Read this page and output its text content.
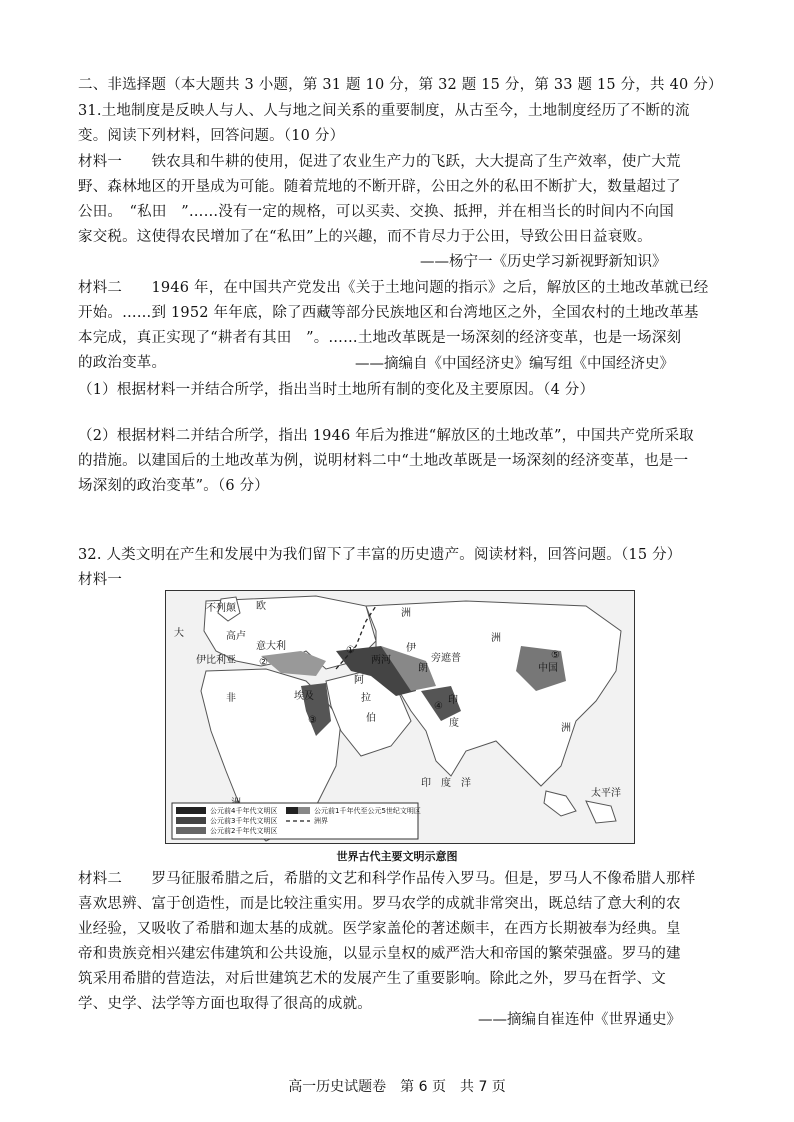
二、非选择题（本大题共 3 小题，第 31 题 10 分，第 32 题 15 分，第 33 题 15 分，共 40 分）
31.土地制度是反映人与人、人与地之间关系的重要制度，从古至今，土地制度经历了不断的流
变。阅读下列材料，回答问题。（10 分）
材料一　　铁农具和牛耕的使用，促进了农业生产力的飞跃，大大提高了生产效率，使广大荒
野、森林地区的开垦成为可能。随着荒地的不断开辟，公田之外的私田不断扩大，数量超过了
公田。　“私田　”……没有一定的规格，可以买卖、交换、抵押，并在相当长的时间内不向国
家交税。这使得农民增加了在“私田”上的兴趣，而不肯尽力于公田，导致公田日益衰败。
——杨宁一《历史学习新视野新知识》
材料二　　1946 年，在中国共产党发出《关于土地问题的指示》之后，解放区的土地改革就已经
开始。……到 1952 年年底，除了西藏等部分民族地区和台湾地区之外，全国农村的土地改革基
本完成，真正实现了“耕者有其田　”。……土地改革既是一场深刻的经济变革，也是一场深刻
的政治变革。	——摘编自《中国经济史》编写组《中国经济史》
（1）根据材料一并结合所学，指出当时土地所有制的变化及主要原因。（4 分）
（2）根据材料二并结合所学，指出 1946 年后为推进“解放区的土地改革”，中国共产党所采取
的措施。以建国后的土地改革为例，说明材料二中“土地改革既是一场深刻的经济变革，也是一
场深刻的政治变革”。（6 分）
32. 人类文明在产生和发展中为我们留下了丰富的历史遗产。阅读材料，回答问题。（15 分）
材料一
不列颠 欧
高卢
意大利
伊比利亚
洲
伊
朗
旁遮普
印
度
阿
拉
伯
非	埃及
两河
中国
印　度　洋
太平洋
大	洲
洲
①
②
③
④
⑤
公元前4千年代文明区
公元前3千年代文明区
公元前2千年代文明区
公元前1千年代至公元5世纪文明区
洲界
世界古代主要文明示意图
材料二　　罗马征服希腊之后，希腊的文艺和科学作品传入罗马。但是，罗马人不像希腊人那样
喜欢思辨、富于创造性，而是比较注重实用。罗马农学的成就非常突出，既总结了意大利的农
业经验，又吸收了希腊和迦太基的成就。医学家盖伦的著述颇丰，在西方长期被奉为经典。皇
帝和贵族竞相兴建宏伟建筑和公共设施，以显示皇权的威严浩大和帝国的繁荣强盛。罗马的建
筑采用希腊的营造法，对后世建筑艺术的发展产生了重要影响。除此之外，罗马在哲学、文
学、史学、法学等方面也取得了很高的成就。
——摘编自崔连仲《世界通史》
高一历史试题卷　第 6 页　共 7 页
